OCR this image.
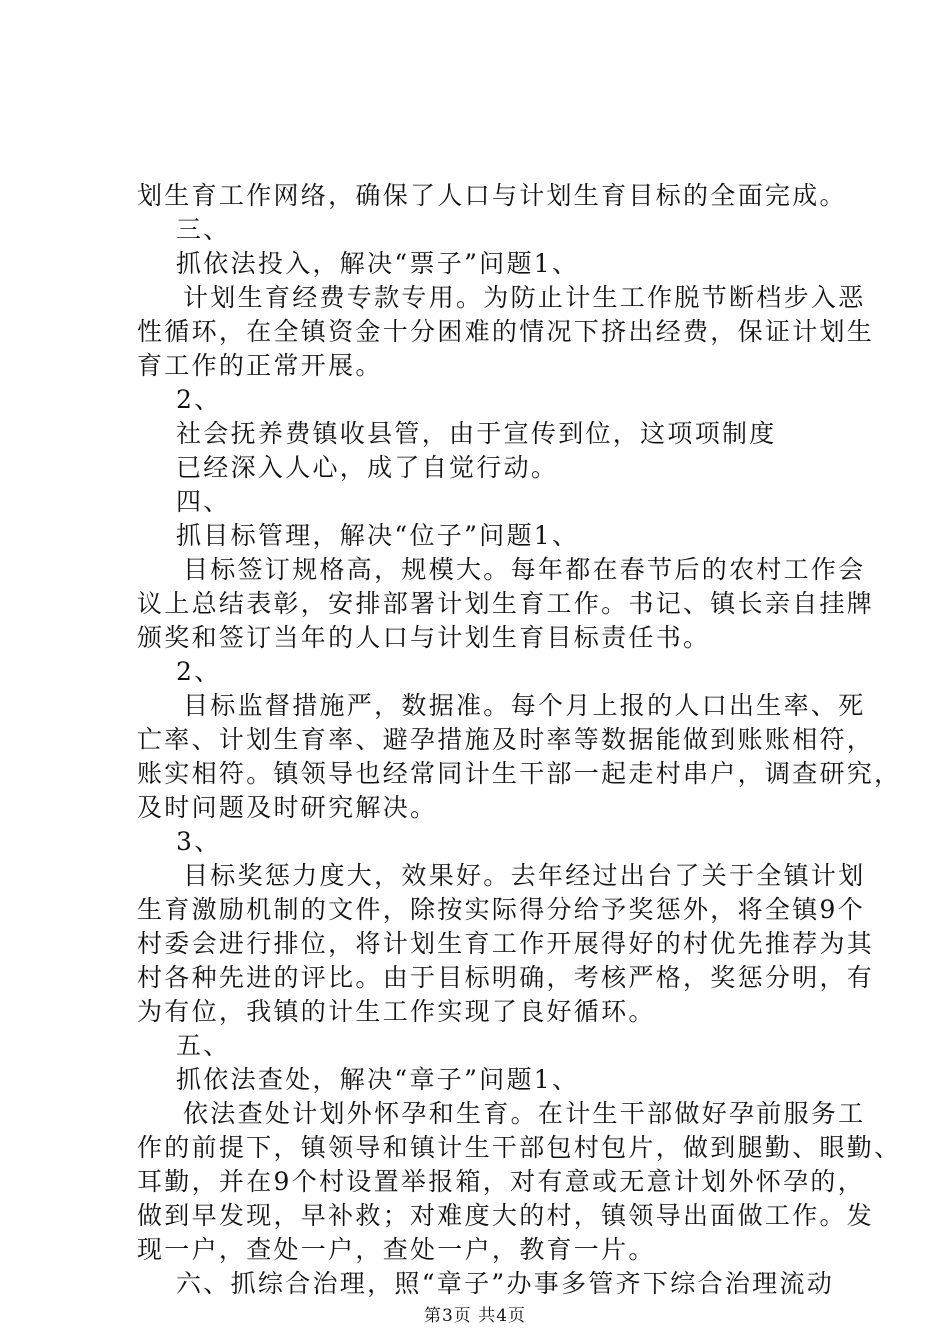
划生育工作网络，确保了人口与计划生育目标的全面完成。
三、
抓依法投入，解决“票子”问题1、
计划生育经费专款专用。为防止计生工作脱节断档步入恶
性循环，在全镇资金十分困难的情况下挤出经费，保证计划生
育工作的正常开展。
2、
社会抚养费镇收县管，由于宣传到位，这项项制度
已经深入人心，成了自觉行动。
四、
抓目标管理，解决“位子”问题1、
目标签订规格高，规模大。每年都在春节后的农村工作会
议上总结表彰，安排部署计划生育工作。书记、镇长亲自挂牌
颁奖和签订当年的人口与计划生育目标责任书。
2、
目标监督措施严，数据准。每个月上报的人口出生率、死
亡率、计划生育率、避孕措施及时率等数据能做到账账相符，
账实相符。镇领导也经常同计生干部一起走村串户，调查研究，
及时问题及时研究解决。
3、
目标奖惩力度大，效果好。去年经过出台了关于全镇计划
生育激励机制的文件，除按实际得分给予奖惩外，将全镇9个
村委会进行排位，将计划生育工作开展得好的村优先推荐为其
村各种先进的评比。由于目标明确，考核严格，奖惩分明，有
为有位，我镇的计生工作实现了良好循环。
五、
抓依法查处，解决“章子”问题1、
依法查处计划外怀孕和生育。在计生干部做好孕前服务工
作的前提下，镇领导和镇计生干部包村包片，做到腿勤、眼勤、
耳勤，并在9个村设置举报箱，对有意或无意计划外怀孕的，
做到早发现，早补救；对难度大的村，镇领导出面做工作。发
现一户，查处一户，查处一户，教育一片。
六、抓综合治理，照“章子”办事多管齐下综合治理流动
第3页 共4页
